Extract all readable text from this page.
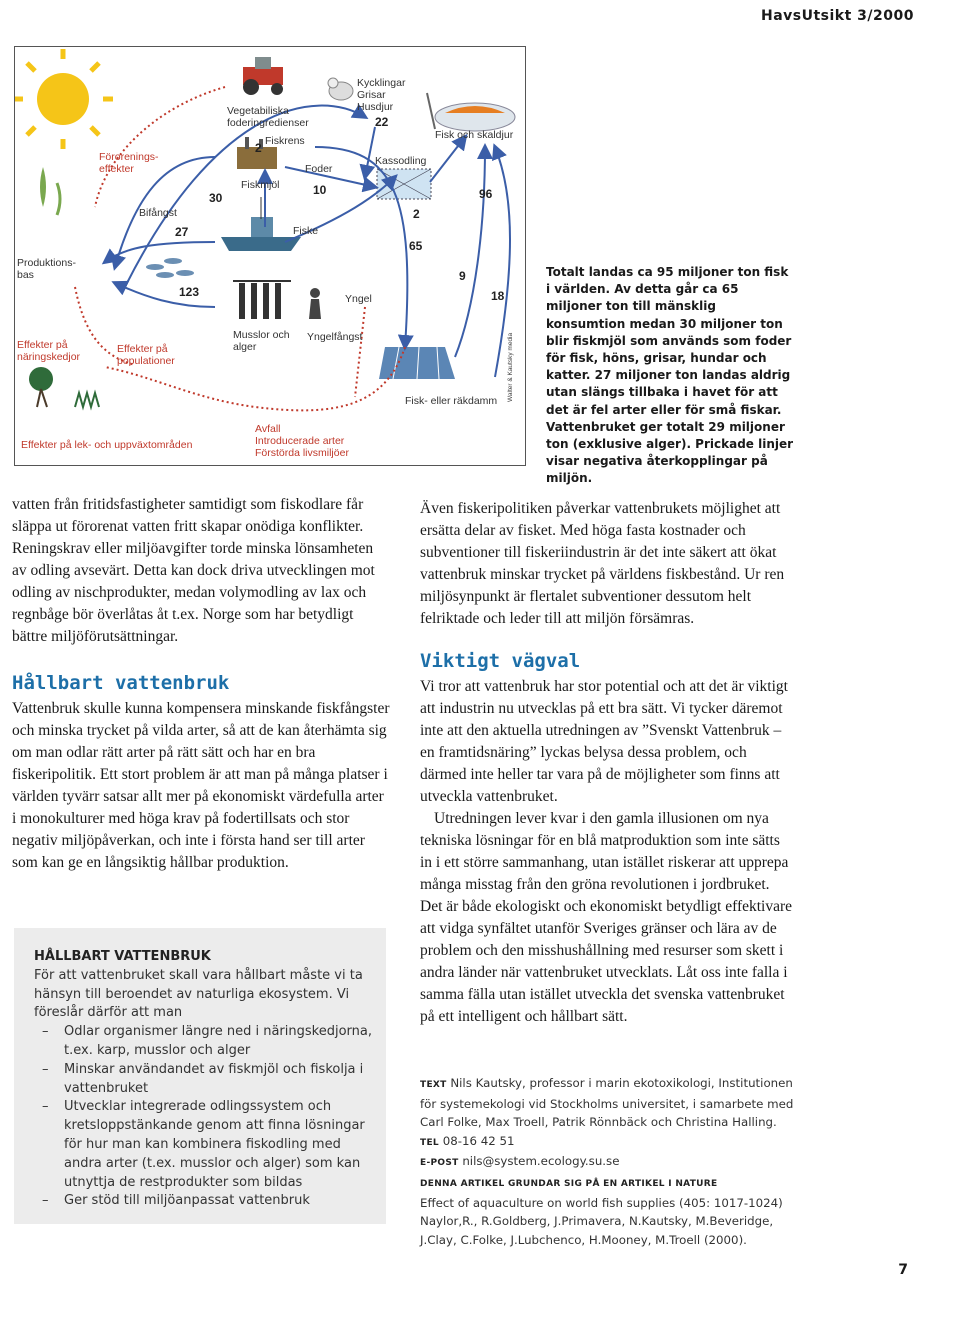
HavsUtsikt 3/2000
Kycklingar
Grisar
Husdjur
Vegetabiliska
foderingredienser
Fiskrens
Förorenings-
effekter
Fiskmjöl
Foder
Kassodling
Fisk och skaldjur
Bifångst
Fiske
Produktions-
bas
Effekter på
näringskedjor
Effekter på
populationer
Musslor och
alger
Yngel
Yngelfångst
Fisk- eller räkdamm
Effekter på lek- och uppväxtområden
Avfall
Introducerade arter
Förstörda livsmiljöer
22
2
10
30	96
27
2
65
123
9
18
Walter & Kautsky media
Totalt landas ca 95 miljoner ton fisk i världen. Av detta går ca 65 miljoner ton till mänsklig konsumtion medan 30 miljoner ton blir fiskmjöl som används som foder för fisk, höns, grisar, hundar och katter. 27 miljoner ton landas aldrig utan slängs tillbaka i havet för att det är fel arter eller för små fiskar. Vattenbruket ger totalt 29 miljoner ton (exklusive alger). Prickade linjer visar negativa återkopplingar på miljön.

vatten från fritidsfastigheter samtidigt som fiskodlare får släppa ut förorenat vatten fritt skapar onödiga konflikter. Reningskrav eller miljöavgifter torde minska lönsamheten av odling avsevärt. Detta kan dock driva utvecklingen mot odling av nischprodukter, medan volymodling av lax och regnbåge bör överlåtas åt t.ex. Norge som har betydligt bättre miljöförutsättningar.

Hållbart vattenbruk

Vattenbruk skulle kunna kompensera minskande fiskfångster och minska trycket på vilda arter, så att de kan återhämta sig om man odlar rätt arter på rätt sätt och har en bra fiskeripolitik. Ett stort problem är att man på många platser i världen tyvärr satsar allt mer på ekonomiskt värdefulla arter i monokulturer med höga krav på fodertillsats och stor negativ miljöpåverkan, och inte i första hand ser till arter som kan ge en långsiktig hållbar produktion.

HÅLLBART VATTENBRUK
För att vattenbruket skall vara hållbart måste vi ta hänsyn till beroendet av naturliga ekosystem. Vi föreslår därför att man
– Odlar organismer längre ned i näringskedjorna, t.ex. karp, musslor och alger
– Minskar användandet av fiskmjöl och fiskolja i vattenbruket
– Utvecklar integrerade odlingssystem och kretsloppstänkande genom att finna lösningar för hur man kan kombinera fiskodling med andra arter (t.ex. musslor och alger) som kan utnyttja de restprodukter som bildas
– Ger stöd till miljöanpassat vattenbruk

Även fiskeripolitiken påverkar vattenbrukets möjlighet att ersätta delar av fisket. Med höga fasta kostnader och subventioner till fiskeriindustrin är det inte säkert att ökat vattenbruk minskar trycket på världens fiskbestånd. Ur ren miljösynpunkt är flertalet subventioner dessutom helt felriktade och leder till att miljön försämras.

Viktigt vägval

Vi tror att vattenbruk har stor potential och att det är viktigt att industrin nu utvecklas på ett bra sätt. Vi tycker däremot inte att den aktuella utredningen av ”Svenskt Vattenbruk – en framtidsnäring” lyckas belysa dessa problem, och därmed inte heller tar vara på de möjligheter som finns att utveckla vattenbruket.

Utredningen lever kvar i den gamla illusionen om nya tekniska lösningar för en blå matproduktion som inte sätts in i ett större sammanhang, utan istället riskerar att upprepa många misstag från den gröna revolutionen i jordbruket. Det är både ekologiskt och ekonomiskt betydligt effektivare att vidga synfältet utanför Sveriges gränser och lära av de problem och den misshushållning med resurser som skett i andra länder när vattenbruket utvecklats. Låt oss inte falla i samma fälla utan istället utveckla det svenska vattenbruket på ett intelligent och hållbart sätt.

TEXT Nils Kautsky, professor i marin ekotoxikologi, Institutionen för systemekologi vid Stockholms universitet, i samarbete med Carl Folke, Max Troell, Patrik Rönnbäck och Christina Halling.
TEL 08-16 42 51
E-POST nils@system.ecology.su.se
DENNA ARTIKEL GRUNDAR SIG PÅ EN ARTIKEL I NATURE
Effect of aquaculture on world fish supplies (405: 1017-1024) Naylor,R., R.Goldberg, J.Primavera, N.Kautsky, M.Beveridge, J.Clay, C.Folke, J.Lubchenco, H.Mooney, M.Troell (2000).
7
